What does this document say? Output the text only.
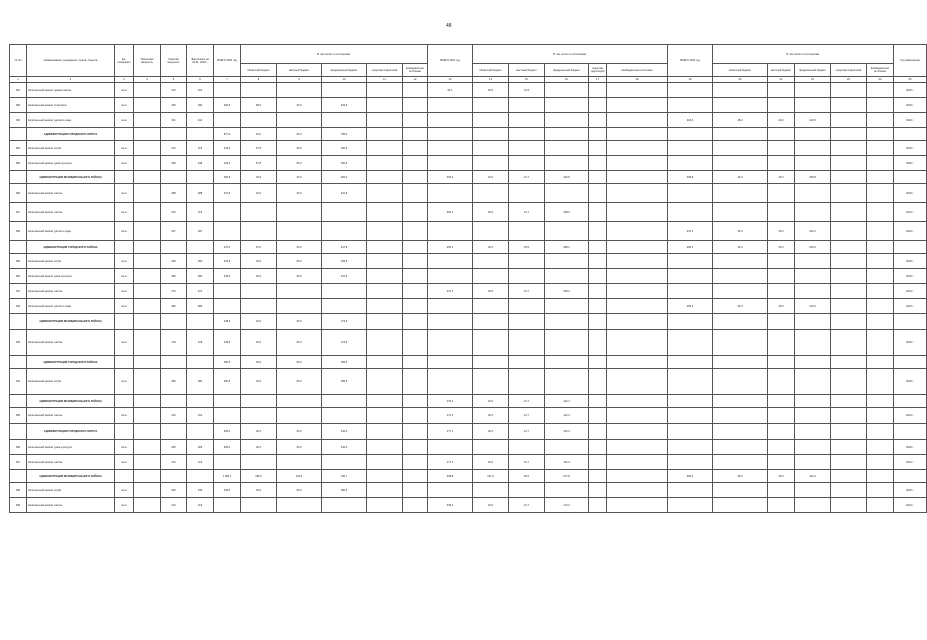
48
№ п/п	Наименование учреждения, пункта, объекта	Ед. измерения	Проектная мощность	Сметная мощность	Фактически на 01.01. 2020 г.	ВСЕГО 2020 год	В том числе по источникам:					ВСЕГО 2021 год	В том числе по источникам:					ВСЕГО 2022 год	В том числе по источникам:					Год завершения
							областной бюджет	местный бюджет	федеральный бюджет	средства территорий	внебюджетные источники		областной бюджет	местный бюджет	федеральный бюджет	средства территорий	внебюджетные источники		областной бюджет	местный бюджет	федеральный бюджет	средства территорий	внебюджетные источники	
1	2	3	4	5	6	7	8	9	10	11	12	13	14	15	16	17	18	19	20	21	22	23	24	25
681	Капитальный ремонт здания школы	кв.м		210	210							54,1	40,5	13,5										2020 г.
682	Капитальный ремонт спортзала	кв.м		290	290	320,6	68,0	20,0	232,6															2020 г.
683	Капитальный ремонт детского сада	кв.м		341	341													202,5	48,0	20,0	134,5			2022 г.
	АДМИНИСТРАЦИЯ ГОРОДСКОГО ОКРУГА					877,0	97,0	25,0	755,0															
684	Капитальный ремонт клуба	кв.м		276	276	233,4	57,8	25,0	150,6															2020 г.
685	Капитальный ремонт дома культуры	кв.м		248	248	233,4	57,8	25,0	150,6															2020 г.
	АДМИНИСТРАЦИЯ МУНИЦИПАЛЬНОГО РАЙОНА					466,9	46,9	20,0	400,0			254,2	40,0	21,7	192,5			299,8	44,0	20,0	235,8			
686	Капитальный ремонт школы	кв.м		288	288	270,6	40,0	20,0	210,6															2020 г.
687	Капитальный ремонт школы	кв.м		313	313							220,1	40,0	21,7	158,4									2021 г.
688	Капитальный ремонт детского сада	кв.м		297	297													297,2	44,0	20,0	233,2			2022 г.
	АДМИНИСТРАЦИЯ ГОРОДСКОГО РАЙОНА					470,0	97,0	25,0	347,9			253,1	40,0	25,0	188,1			284,3	44,0	25,0	215,3			
689	Капитальный ремонт клуба	кв.м		260	260	234,5	40,0	25,0	169,5															2020 г.
690	Капитальный ремонт дома культуры	кв.м		280	280	235,5	40,0	25,0	170,5															2020 г.
691	Капитальный ремонт школы	кв.м		270	270							270,1	40,0	21,7	208,4									2021 г.
692	Капитальный ремонт детского сада	кв.м		285	285													284,3	44,0	25,0	215,3			2022 г.
	АДМИНИСТРАЦИЯ МУНИЦИПАЛЬНОГО РАЙОНА					238,9	40,0	25,0	173,9															
693	Капитальный ремонт школы	кв.м		278	278	239,5	40,0	25,0	174,5															2020 г.
	АДМИНИСТРАЦИЯ ГОРОДСКОГО РАЙОНА					250,5	40,0	25,0	185,5															
694	Капитальный ремонт клуба	кв.м		280	280	250,5	40,0	25,0	185,5															2020 г.
	АДМИНИСТРАЦИЯ МУНИЦИПАЛЬНОГО РАЙОНА											175,1	40,0	21,7	113,4									
695	Капитальный ремонт школы	кв.м		210	210							174,1	40,0	21,7	112,4									2021 г.
	АДМИНИСТРАЦИЯ ГОРОДСКОГО ОКРУГА					305,0	40,0	25,0	240,0			177,1	40,0	21,7	115,4									
696	Капитальный ремонт дома культуры	кв.м		265	265	305,0	40,0	25,0	240,0															2020 г.
697	Капитальный ремонт школы	кв.м		213	213							177,1	40,0	21,7	115,4									2021 г.
	АДМИНИСТРАЦИЯ МУНИЦИПАЛЬНОГО РАЙОНА					1 083,7	183,0	104,0	796,7			438,8	101,0	60,0	277,8			290,4	48,0	20,0	222,4			
698	Капитальный ремонт клуба	кв.м		245	245	245,5	40,0	25,0	180,5															2020 г.
699	Капитальный ремонт школы	кв.м		213	213							235,1	40,0	21,7	173,4									2021 г.
